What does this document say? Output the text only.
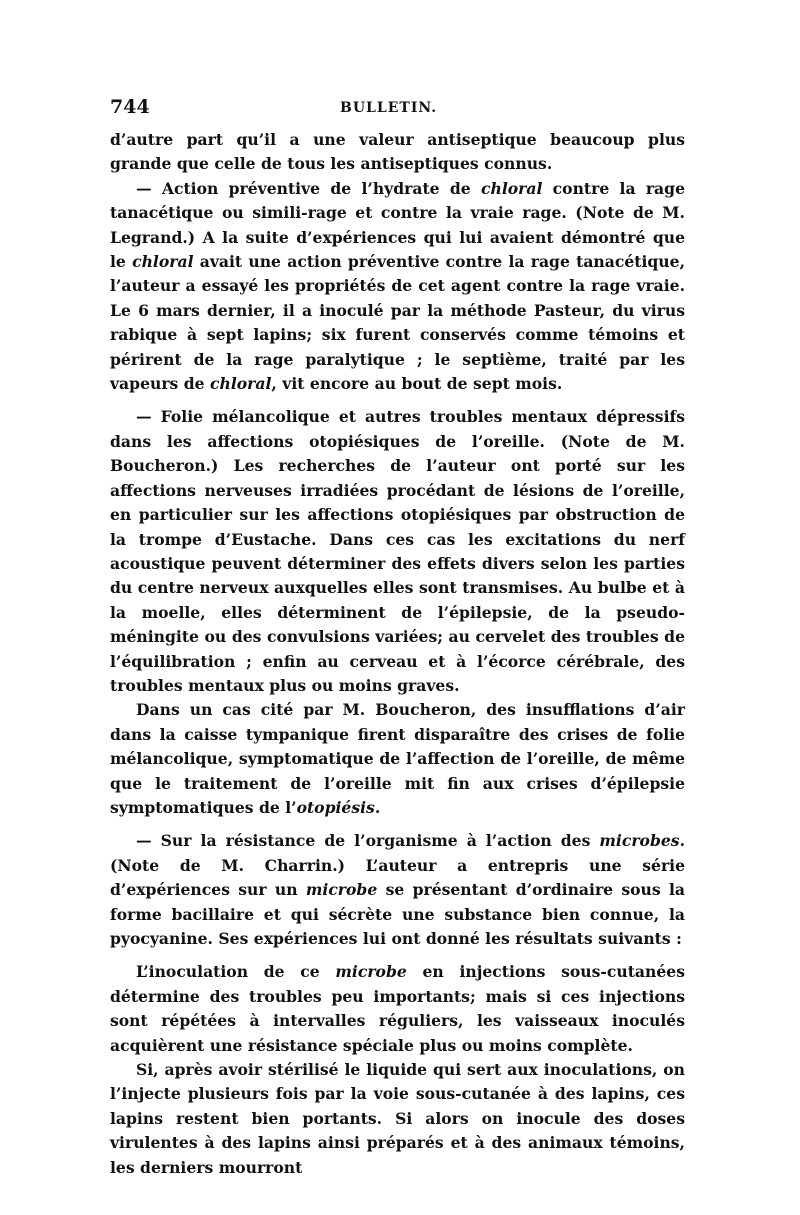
744	BULLETIN.

d’autre part qu’il a une valeur antiseptique beaucoup plus grande que celle de tous les antiseptiques connus.

— Action préventive de l’hydrate de chloral contre la rage tanacétique ou simili-rage et contre la vraie rage. (Note de M. Legrand.) A la suite d’expériences qui lui avaient démontré que le chloral avait une action préventive contre la rage tanacétique, l’auteur a essayé les propriétés de cet agent contre la rage vraie. Le 6 mars dernier, il a inoculé par la méthode Pasteur, du virus rabique à sept lapins; six furent conservés comme témoins et périrent de la rage paralytique ; le septième, traité par les vapeurs de chloral, vit encore au bout de sept mois.

— Folie mélancolique et autres troubles mentaux dépressifs dans les affections otopiésiques de l’oreille. (Note de M. Boucheron.) Les recherches de l’auteur ont porté sur les affections nerveuses irradiées procédant de lésions de l’oreille, en particulier sur les affections otopiésiques par obstruction de la trompe d’Eustache. Dans ces cas les excitations du nerf acoustique peuvent déterminer des effets divers selon les parties du centre nerveux auxquelles elles sont transmises. Au bulbe et à la moelle, elles déterminent de l’épilepsie, de la pseudo-méningite ou des convulsions variées; au cervelet des troubles de l’équilibration ; enfin au cerveau et à l’écorce cérébrale, des troubles mentaux plus ou moins graves.

Dans un cas cité par M. Boucheron, des insufflations d’air dans la caisse tympanique firent disparaître des crises de folie mélancolique, symptomatique de l’affection de l’oreille, de même que le traitement de l’oreille mit fin aux crises d’épilepsie symptomatiques de l’otopiésis.

— Sur la résistance de l’organisme à l’action des microbes. (Note de M. Charrin.) L’auteur a entrepris une série d’expériences sur un microbe se présentant d’ordinaire sous la forme bacillaire et qui sécrète une substance bien connue, la pyocyanine. Ses expériences lui ont donné les résultats suivants :

L’inoculation de ce microbe en injections sous-cutanées détermine des troubles peu importants; mais si ces injections sont répétées à intervalles réguliers, les vaisseaux inoculés acquièrent une résistance spéciale plus ou moins complète.

Si, après avoir stérilisé le liquide qui sert aux inoculations, on l’injecte plusieurs fois par la voie sous-cutanée à des lapins, ces lapins restent bien portants. Si alors on inocule des doses virulentes à des lapins ainsi préparés et à des animaux témoins, les derniers mourront
